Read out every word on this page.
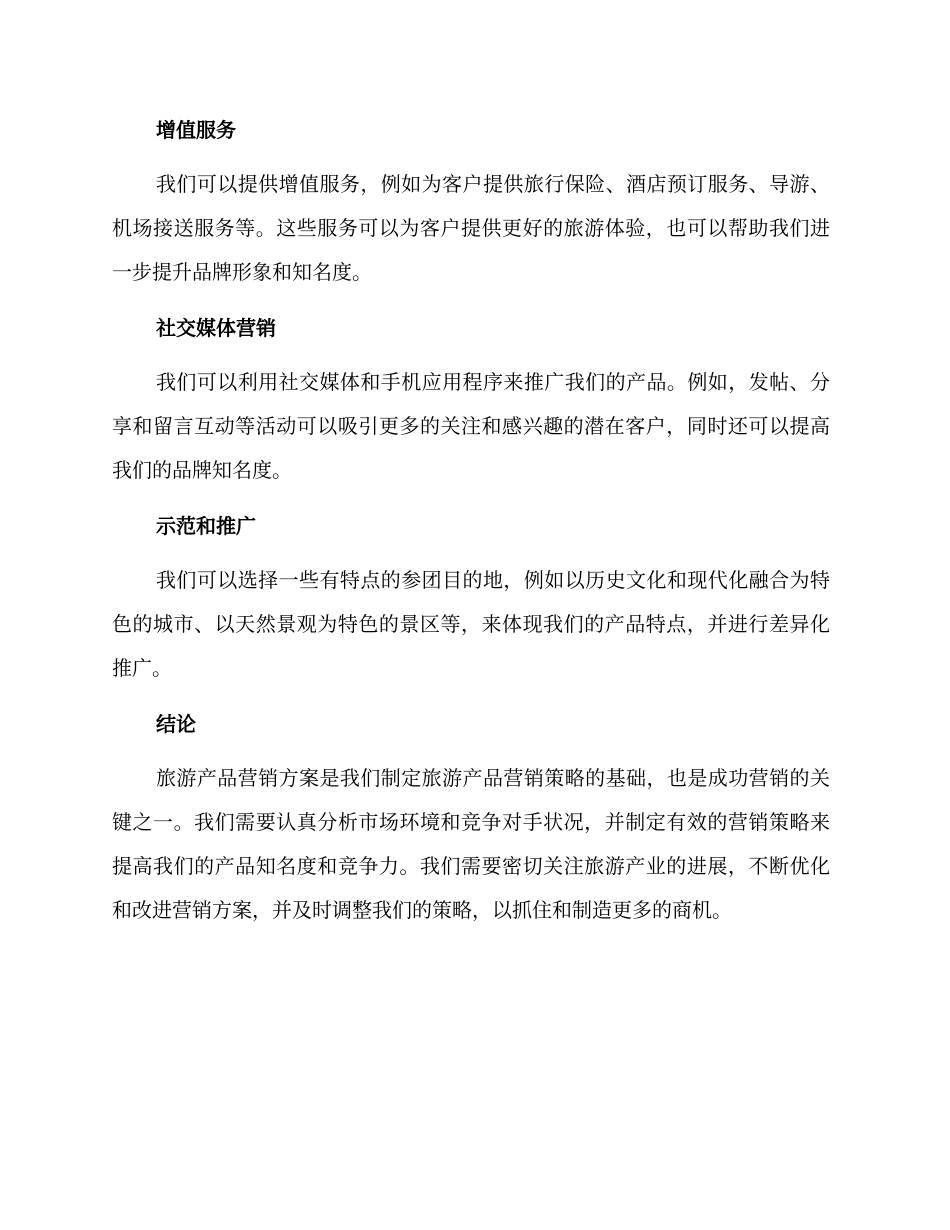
增值服务

我们可以提供增值服务，例如为客户提供旅行保险、酒店预订服务、导游、机场接送服务等。这些服务可以为客户提供更好的旅游体验，也可以帮助我们进一步提升品牌形象和知名度。

社交媒体营销

我们可以利用社交媒体和手机应用程序来推广我们的产品。例如，发帖、分享和留言互动等活动可以吸引更多的关注和感兴趣的潜在客户，同时还可以提高我们的品牌知名度。

示范和推广

我们可以选择一些有特点的参团目的地，例如以历史文化和现代化融合为特色的城市、以天然景观为特色的景区等，来体现我们的产品特点，并进行差异化推广。

结论

旅游产品营销方案是我们制定旅游产品营销策略的基础，也是成功营销的关键之一。我们需要认真分析市场环境和竞争对手状况，并制定有效的营销策略来提高我们的产品知名度和竞争力。我们需要密切关注旅游产业的进展，不断优化和改进营销方案，并及时调整我们的策略，以抓住和制造更多的商机。
